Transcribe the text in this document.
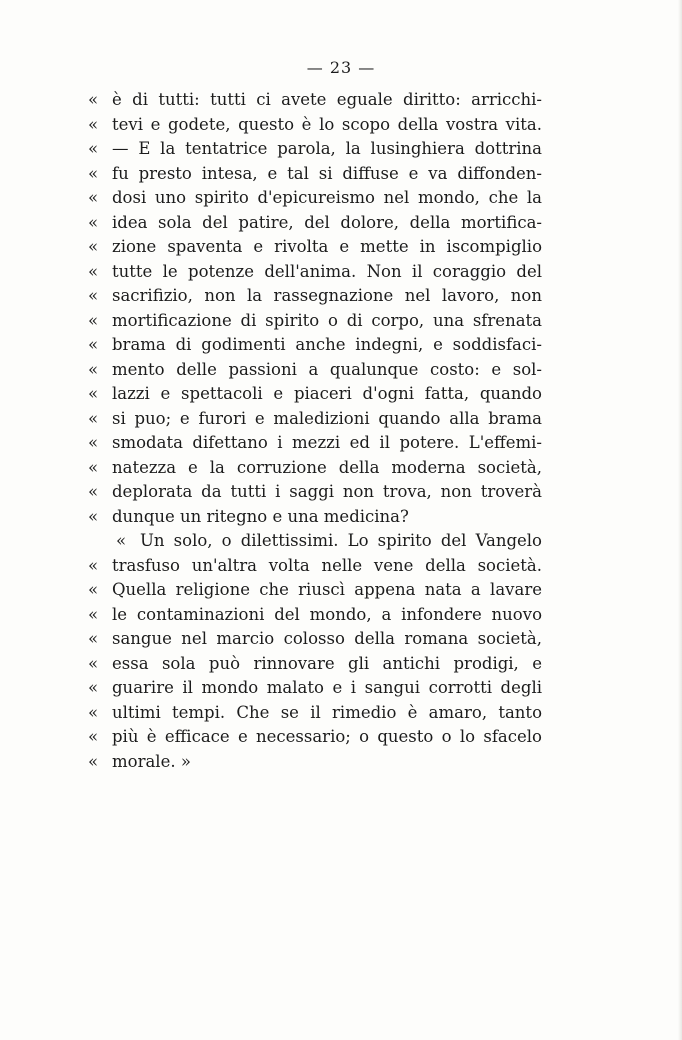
— 23 —
« è di tutti: tutti ci avete eguale diritto: arricchi-
« tevi e godete, questo è lo scopo della vostra vita.
« — E la tentatrice parola, la lusinghiera dottrina
« fu presto intesa, e tal si diffuse e va diffonden-
« dosi uno spirito d'epicureismo nel mondo, che la
« idea sola del patire, del dolore, della mortifica-
« zione spaventa e rivolta e mette in iscompiglio
« tutte le potenze dell'anima. Non il coraggio del
« sacrifizio, non la rassegnazione nel lavoro, non
« mortificazione di spirito o di corpo, una sfrenata
« brama di godimenti anche indegni, e soddisfaci-
« mento delle passioni a qualunque costo: e sol-
« lazzi e spettacoli e piaceri d'ogni fatta, quando
« si puo; e furori e maledizioni quando alla brama
« smodata difettano i mezzi ed il potere. L'effemi-
« natezza e la corruzione della moderna società,
« deplorata da tutti i saggi non trova, non troverà
« dunque un ritegno e una medicina?
« Un solo, o dilettissimi. Lo spirito del Vangelo
« trasfuso un'altra volta nelle vene della società.
« Quella religione che riuscì appena nata a lavare
« le contaminazioni del mondo, a infondere nuovo
« sangue nel marcio colosso della romana società,
« essa sola può rinnovare gli antichi prodigi, e
« guarire il mondo malato e i sangui corrotti degli
« ultimi tempi. Che se il rimedio è amaro, tanto
« più è efficace e necessario; o questo o lo sfacelo
« morale. »
